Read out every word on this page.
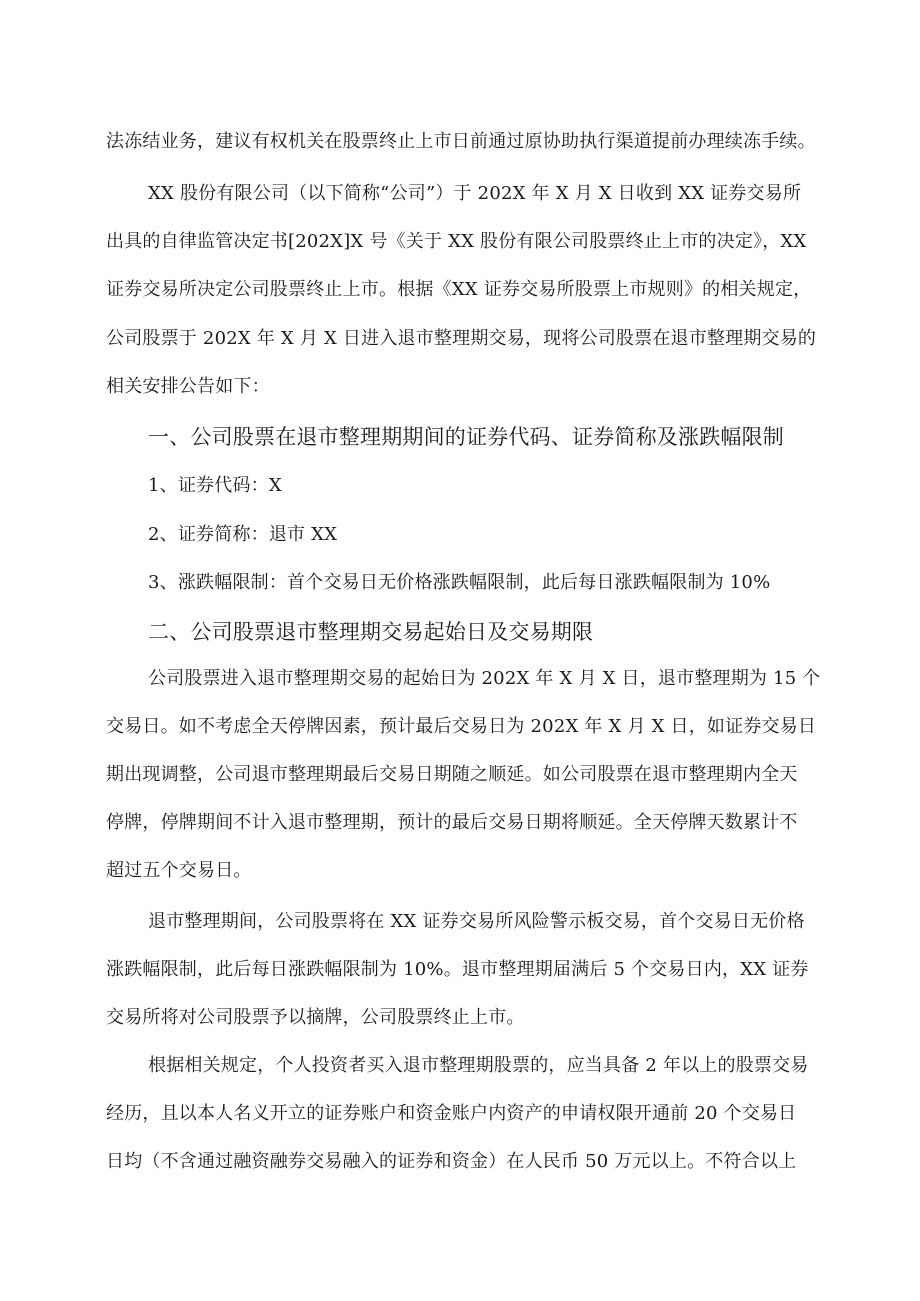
法冻结业务，建议有权机关在股票终止上市日前通过原协助执行渠道提前办理续冻手续。
XX 股份有限公司（以下简称“公司”）于 202X 年 X 月 X 日收到 XX 证券交易所
出具的自律监管决定书[202X]X 号《关于 XX 股份有限公司股票终止上市的决定》，XX
证券交易所决定公司股票终止上市。根据《XX 证券交易所股票上市规则》的相关规定，
公司股票于 202X 年 X 月 X 日进入退市整理期交易，现将公司股票在退市整理期交易的
相关安排公告如下：
一、公司股票在退市整理期期间的证券代码、证券简称及涨跌幅限制
1、证券代码：X
2、证券简称：退市 XX
3、涨跌幅限制：首个交易日无价格涨跌幅限制，此后每日涨跌幅限制为 10%
二、公司股票退市整理期交易起始日及交易期限
公司股票进入退市整理期交易的起始日为 202X 年 X 月 X 日，退市整理期为 15 个
交易日。如不考虑全天停牌因素，预计最后交易日为 202X 年 X 月 X 日，如证券交易日
期出现调整，公司退市整理期最后交易日期随之顺延。如公司股票在退市整理期内全天
停牌，停牌期间不计入退市整理期，预计的最后交易日期将顺延。全天停牌天数累计不
超过五个交易日。
退市整理期间，公司股票将在 XX 证券交易所风险警示板交易，首个交易日无价格
涨跌幅限制，此后每日涨跌幅限制为 10%。退市整理期届满后 5 个交易日内，XX 证券
交易所将对公司股票予以摘牌，公司股票终止上市。
根据相关规定，个人投资者买入退市整理期股票的，应当具备 2 年以上的股票交易
经历，且以本人名义开立的证券账户和资金账户内资产的申请权限开通前 20 个交易日
日均（不含通过融资融券交易融入的证券和资金）在人民币 50 万元以上。不符合以上
